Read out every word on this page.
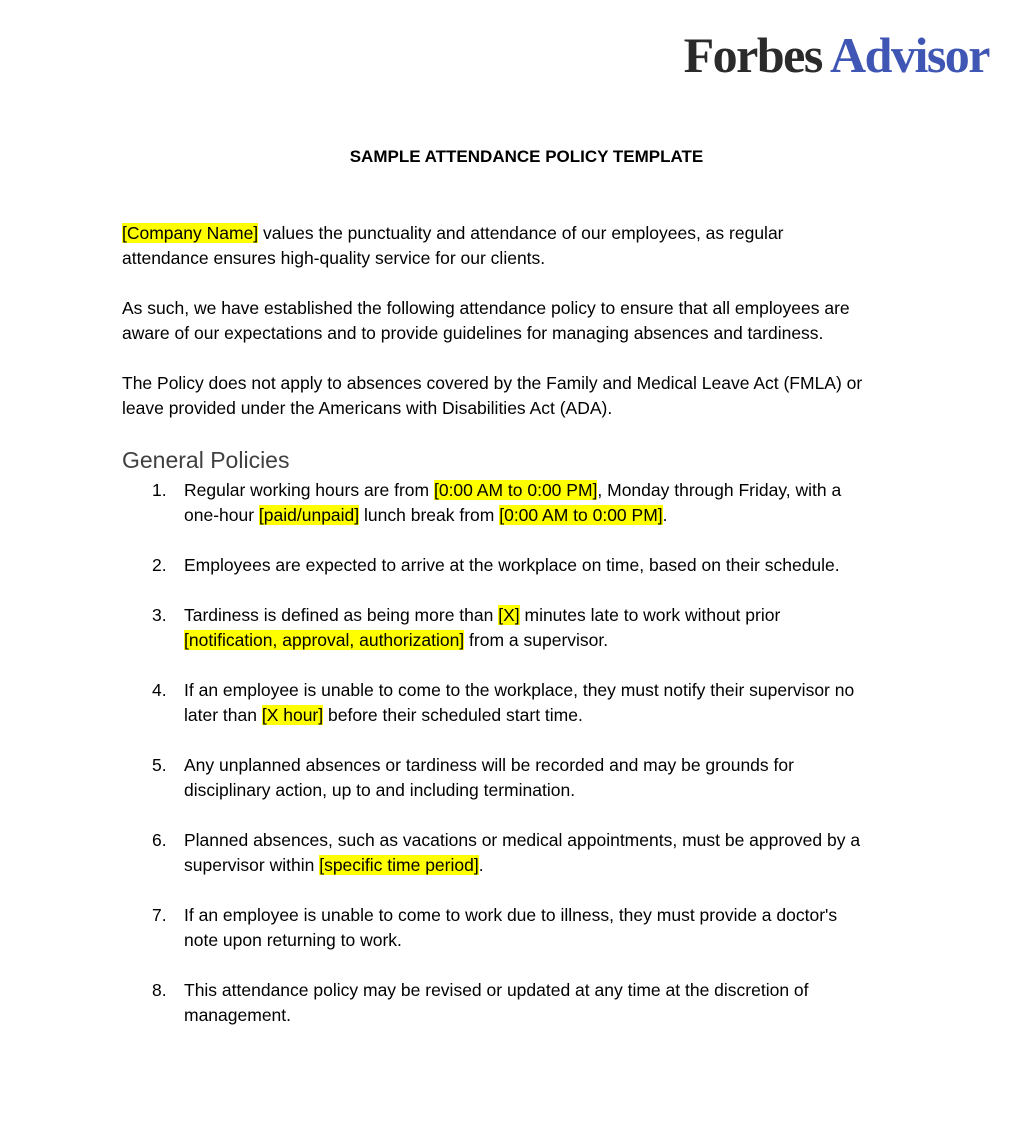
Forbes Advisor
SAMPLE ATTENDANCE POLICY TEMPLATE

[Company Name] values the punctuality and attendance of our employees, as regular
attendance ensures high-quality service for our clients.

As such, we have established the following attendance policy to ensure that all employees are
aware of our expectations and to provide guidelines for managing absences and tardiness.

The Policy does not apply to absences covered by the Family and Medical Leave Act (FMLA) or
leave provided under the Americans with Disabilities Act (ADA).

General Policies
1. Regular working hours are from [0:00 AM to 0:00 PM], Monday through Friday, with a
one-hour [paid/unpaid] lunch break from [0:00 AM to 0:00 PM].
2. Employees are expected to arrive at the workplace on time, based on their schedule.
3. Tardiness is defined as being more than [X] minutes late to work without prior
[notification, approval, authorization] from a supervisor.
4. If an employee is unable to come to the workplace, they must notify their supervisor no
later than [X hour] before their scheduled start time.
5. Any unplanned absences or tardiness will be recorded and may be grounds for
disciplinary action, up to and including termination.
6. Planned absences, such as vacations or medical appointments, must be approved by a
supervisor within [specific time period].
7. If an employee is unable to come to work due to illness, they must provide a doctor's
note upon returning to work.
8. This attendance policy may be revised or updated at any time at the discretion of
management.
